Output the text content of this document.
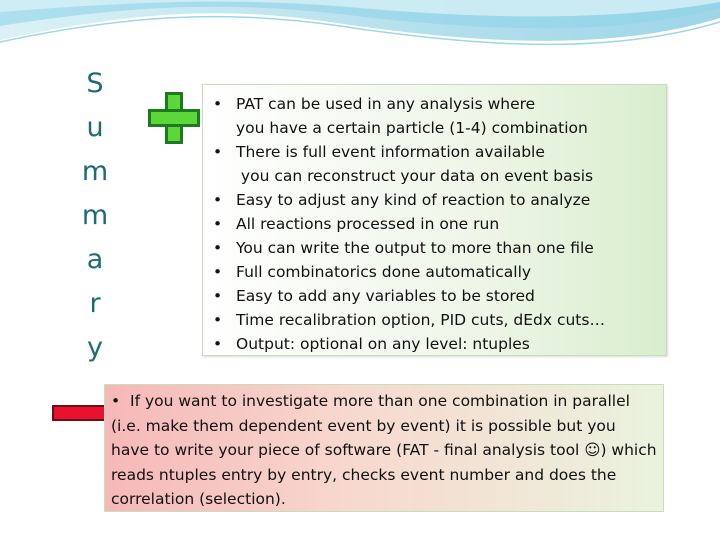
S
u
m
m
a
r
y
• PAT can be used in any analysis where
you have a certain particle (1-4) combination
• There is full event information available
you can reconstruct your data on event basis
• Easy to adjust any kind of reaction to analyze
• All reactions processed in one run
• You can write the output to more than one file
• Full combinatorics done automatically
• Easy to add any variables to be stored
• Time recalibration option, PID cuts, dEdx cuts…
• Output: optional on any level: ntuples

• If you want to investigate more than one combination in parallel (i.e. make them dependent event by event) it is possible but you have to write your piece of software (FAT - final analysis tool ☺) which reads ntuples entry by entry, checks event number and does the correlation (selection).
